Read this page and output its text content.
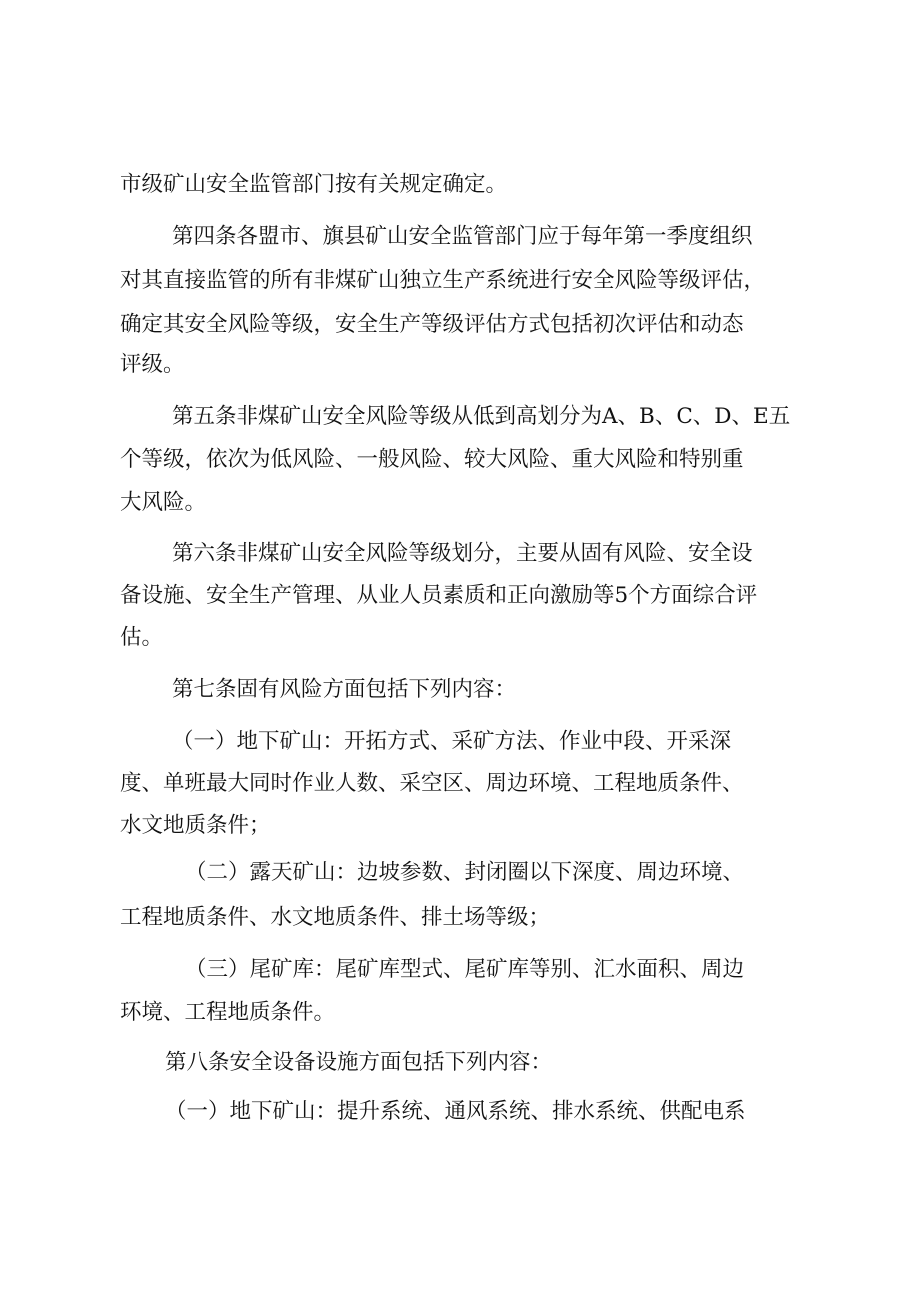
市级矿山安全监管部门按有关规定确定。
第四条各盟市、旗县矿山安全监管部门应于每年第一季度组织
对其直接监管的所有非煤矿山独立生产系统进行安全风险等级评估，
确定其安全风险等级，安全生产等级评估方式包括初次评估和动态
评级。
第五条非煤矿山安全风险等级从低到高划分为A、B、C、D、E五
个等级，依次为低风险、一般风险、较大风险、重大风险和特别重
大风险。
第六条非煤矿山安全风险等级划分，主要从固有风险、安全设
备设施、安全生产管理、从业人员素质和正向激励等5个方面综合评
估。
第七条固有风险方面包括下列内容：
（一）地下矿山：开拓方式、采矿方法、作业中段、开采深
度、单班最大同时作业人数、采空区、周边环境、工程地质条件、
水文地质条件；
（二）露天矿山：边坡参数、封闭圈以下深度、周边环境、
工程地质条件、水文地质条件、排土场等级；
（三）尾矿库：尾矿库型式、尾矿库等别、汇水面积、周边
环境、工程地质条件。
第八条安全设备设施方面包括下列内容：
（一）地下矿山：提升系统、通风系统、排水系统、供配电系
